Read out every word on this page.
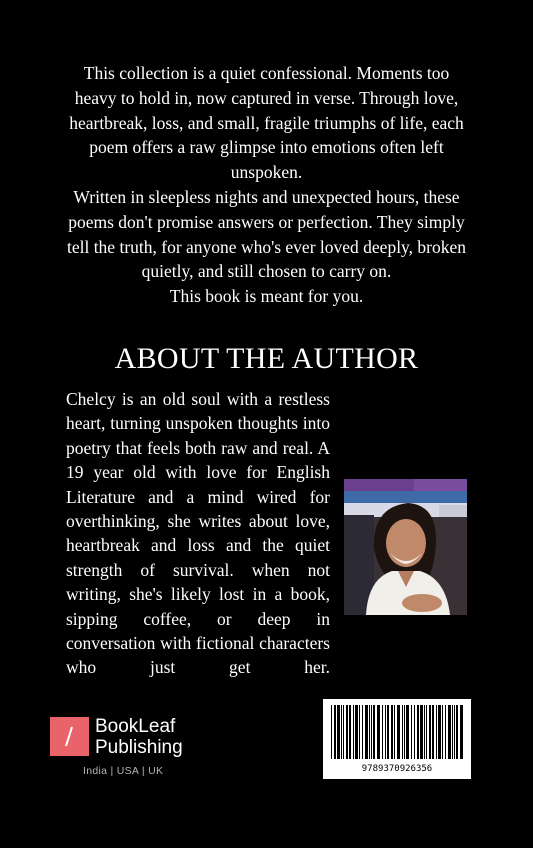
This collection is a quiet confessional. Moments too heavy to hold in, now captured in verse. Through love, heartbreak, loss, and small, fragile triumphs of life, each poem offers a raw glimpse into emotions often left unspoken.

Written in sleepless nights and unexpected hours, these poems don't promise answers or perfection. They simply tell the truth, for anyone who's ever loved deeply, broken quietly, and still chosen to carry on.

This book is meant for you.

ABOUT THE AUTHOR
Chelcy is an old soul with a restless heart, turning unspoken thoughts into poetry that feels both raw and real. A 19 year old with love for English Literature and a mind wired for overthinking, she writes about love, heartbreak and loss and the quiet strength of survival. when not writing, she's likely lost in a book, sipping coffee, or deep in conversation with fictional characters who just get her.
BookLeaf
Publishing
India | USA | UK	9789370926356
